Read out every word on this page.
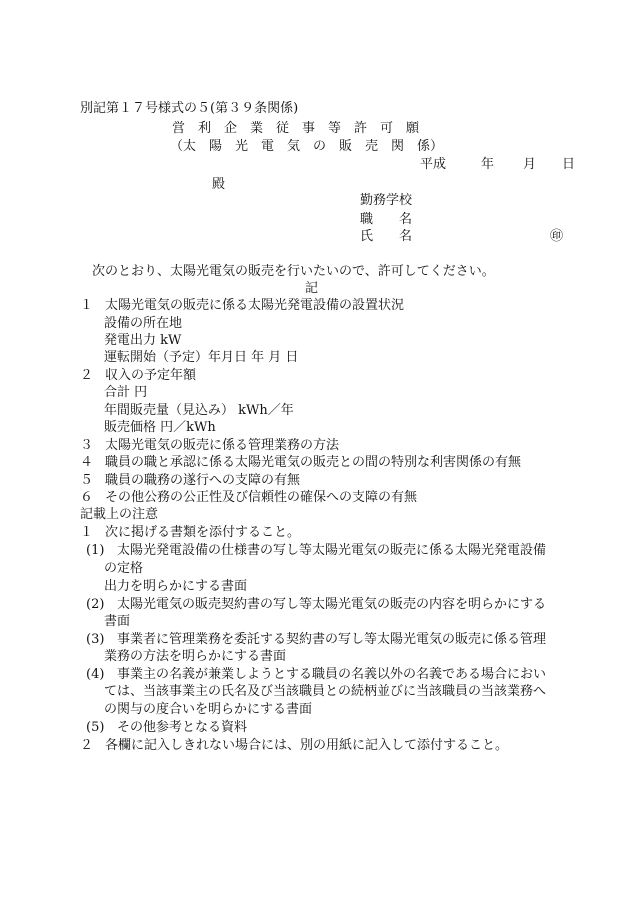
別記第１７号様式の５(第３９条関係)
営　利　企　業　従　事　等　許　可　願
（太　陽　光　電　気　の　販　売　関　係）
平成	年 月 日
殿
勤務学校
職　　名
氏　　名	㊞
次のとおり、太陽光電気の販売を行いたいので、許可してください。
記
１ 太陽光電気の販売に係る太陽光発電設備の設置状況
設備の所在地
発電出力 kW
運転開始（予定）年月日 年 月 日
２ 収入の予定年額
合計 円
年間販売量（見込み） kWh／年
販売価格 円／kWh
３ 太陽光電気の販売に係る管理業務の方法
４ 職員の職と承認に係る太陽光電気の販売との間の特別な利害関係の有無
５ 職員の職務の遂行への支障の有無
６ その他公務の公正性及び信頼性の確保への支障の有無
記載上の注意
１ 次に掲げる書類を添付すること。
(1) 太陽光発電設備の仕様書の写し等太陽光電気の販売に係る太陽光発電設備
の定格
出力を明らかにする書面
(2) 太陽光電気の販売契約書の写し等太陽光電気の販売の内容を明らかにする
書面
(3) 事業者に管理業務を委託する契約書の写し等太陽光電気の販売に係る管理
業務の方法を明らかにする書面
(4) 事業主の名義が兼業しようとする職員の名義以外の名義である場合におい
ては、当該事業主の氏名及び当該職員との続柄並びに当該職員の当該業務へ
の関与の度合いを明らかにする書面
(5) その他参考となる資料
２ 各欄に記入しきれない場合には、別の用紙に記入して添付すること。
